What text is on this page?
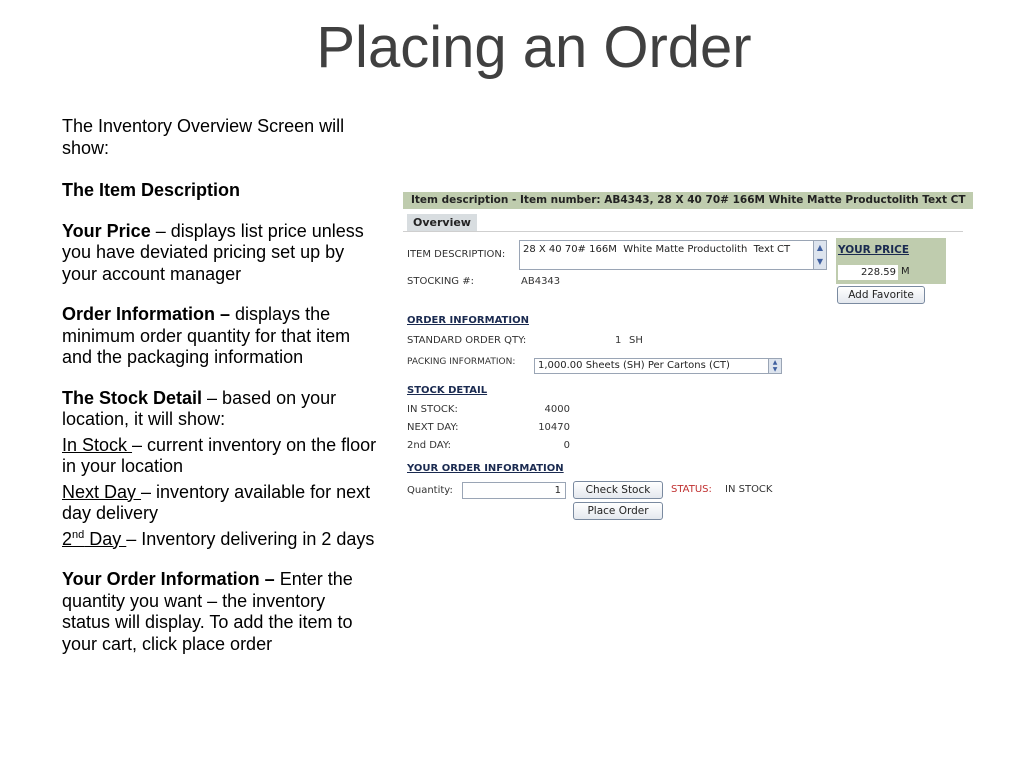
Placing an Order

The Inventory Overview Screen will show:

The Item Description

Your Price – displays list price unless you have deviated pricing set up by your account manager

Order Information – displays the minimum order quantity for that item and the packaging information

The Stock Detail – based on your location, it will show:

In Stock – current inventory on the floor in your location

Next Day – inventory available for next day delivery

2nd Day – Inventory delivering in 2 days

Your Order Information – Enter the quantity you want – the inventory status will display. To add the item to your cart, click place order

Item description - Item number: AB4343, 28 X 40 70# 166M White Matte Productolith Text CT
Overview
ITEM DESCRIPTION: 28 X 40 70# 166M  White Matte Productolith  Text CT	▲
▼
STOCKING #:	AB4343
YOUR PRICE
228.59 M
Add Favorite
ORDER INFORMATION
STANDARD ORDER QTY:	1 SH
PACKING INFORMATION: 1,000.00 Sheets (SH) Per Cartons (CT)	▲
▼
STOCK DETAIL
IN STOCK:	4000
NEXT DAY:	10470
2nd DAY:	0
YOUR ORDER INFORMATION
Quantity:	1	Check Stock	STATUS: IN STOCK
Place Order
